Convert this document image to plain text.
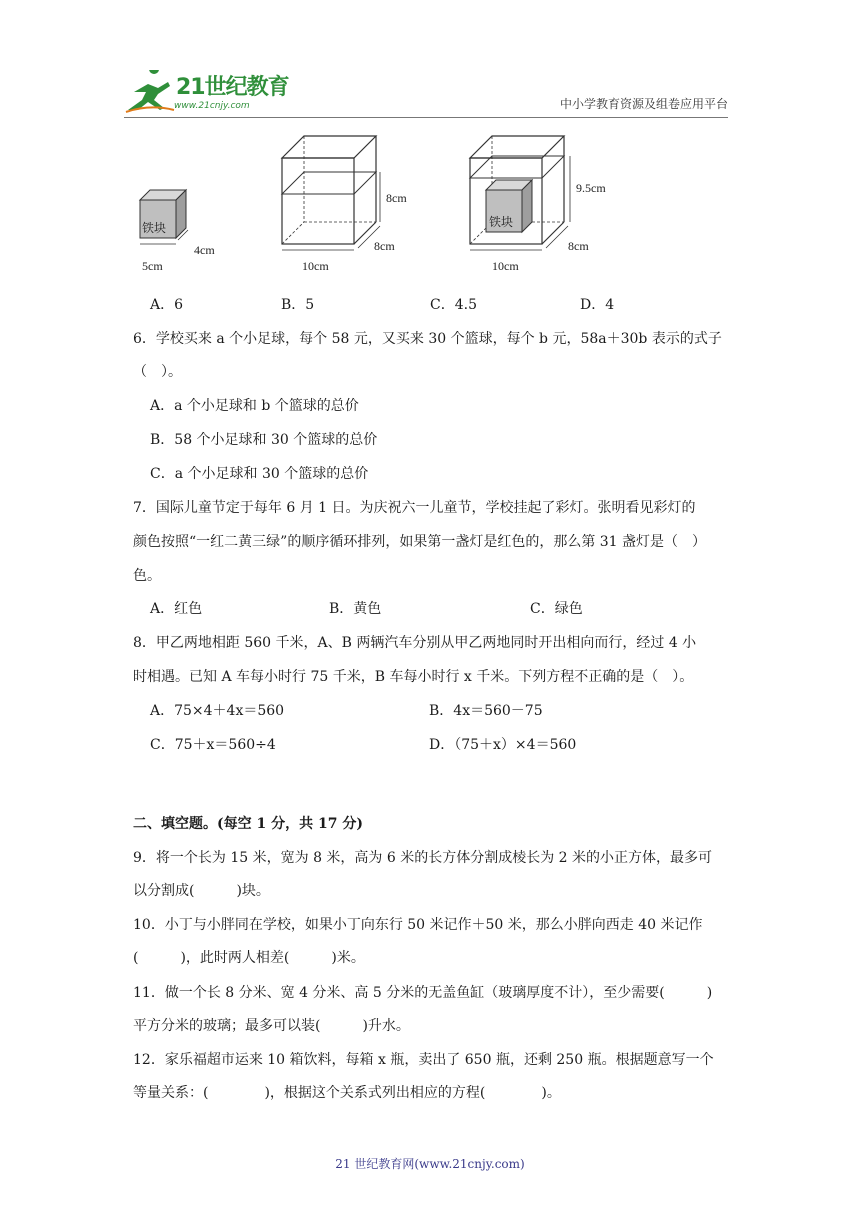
21世纪教育
www.21cnjy.com	中小学教育资源及组卷应用平台
铁块
5cm
4cm
10cm
8cm
8cm
铁块
10cm
9.5cm
8cm
A．6	B．5	C．4.5	D．4
6．学校买来 a 个小足球，每个 58 元，又买来 30 个篮球，每个 b 元，58a＋30b 表示的式子
（　）。
A．a 个小足球和 b 个篮球的总价
B．58 个小足球和 30 个篮球的总价
C．a 个小足球和 30 个篮球的总价
7．国际儿童节定于每年 6 月 1 日。为庆祝六一儿童节，学校挂起了彩灯。张明看见彩灯的
颜色按照“一红二黄三绿”的顺序循环排列，如果第一盏灯是红色的，那么第 31 盏灯是（　）
色。
A．红色	B．黄色	C．绿色
8．甲乙两地相距 560 千米，A、B 两辆汽车分别从甲乙两地同时开出相向而行，经过 4 小
时相遇。已知 A 车每小时行 75 千米，B 车每小时行 x 千米。下列方程不正确的是（　）。
A．75×4＋4x＝560	B．4x＝560－75
C．75＋x＝560÷4	D．（75＋x）×4＝560
二、填空题。(每空 1 分，共 17 分)
9．将一个长为 15 米，宽为 8 米，高为 6 米的长方体分割成棱长为 2 米的小正方体，最多可
以分割成(　　　)块。
10．小丁与小胖同在学校，如果小丁向东行 50 米记作＋50 米，那么小胖向西走 40 米记作
(　　　)，此时两人相差(　　　)米。
11．做一个长 8 分米、宽 4 分米、高 5 分米的无盖鱼缸（玻璃厚度不计），至少需要(　　　)
平方分米的玻璃；最多可以装(　　　)升水。
12．家乐福超市运来 10 箱饮料，每箱 x 瓶，卖出了 650 瓶，还剩 250 瓶。根据题意写一个
等量关系：(　　　　)，根据这个关系式列出相应的方程(　　　　)。
21 世纪教育网(www.21cnjy.com)
